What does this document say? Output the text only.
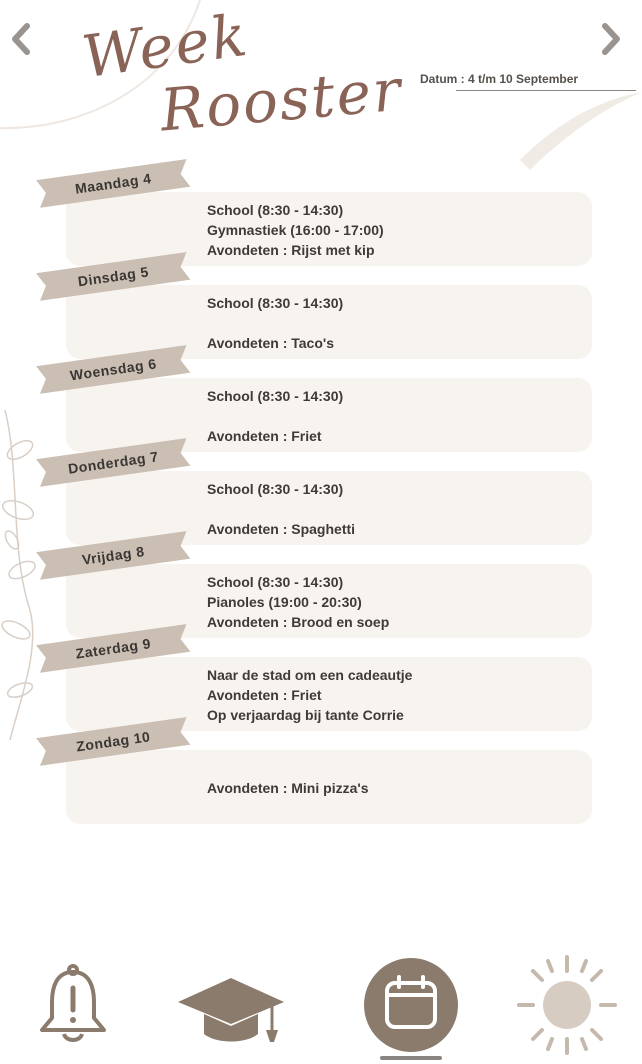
Week
Rooster Datum : 4 t/m 10 September
Maandag 4
School (8:30 - 14:30)
Gymnastiek (16:00 - 17:00)
Avondeten : Rijst met kip
Dinsdag 5
School (8:30 - 14:30)
Avondeten : Taco's
Woensdag 6
School (8:30 - 14:30)
Avondeten : Friet
Donderdag 7
School (8:30 - 14:30)
Avondeten : Spaghetti
Vrijdag 8
School (8:30 - 14:30)
Pianoles (19:00 - 20:30)
Avondeten : Brood en soep
Zaterdag 9
Naar de stad om een cadeautje
Avondeten : Friet
Op verjaardag bij tante Corrie
Zondag 10
Avondeten : Mini pizza's
